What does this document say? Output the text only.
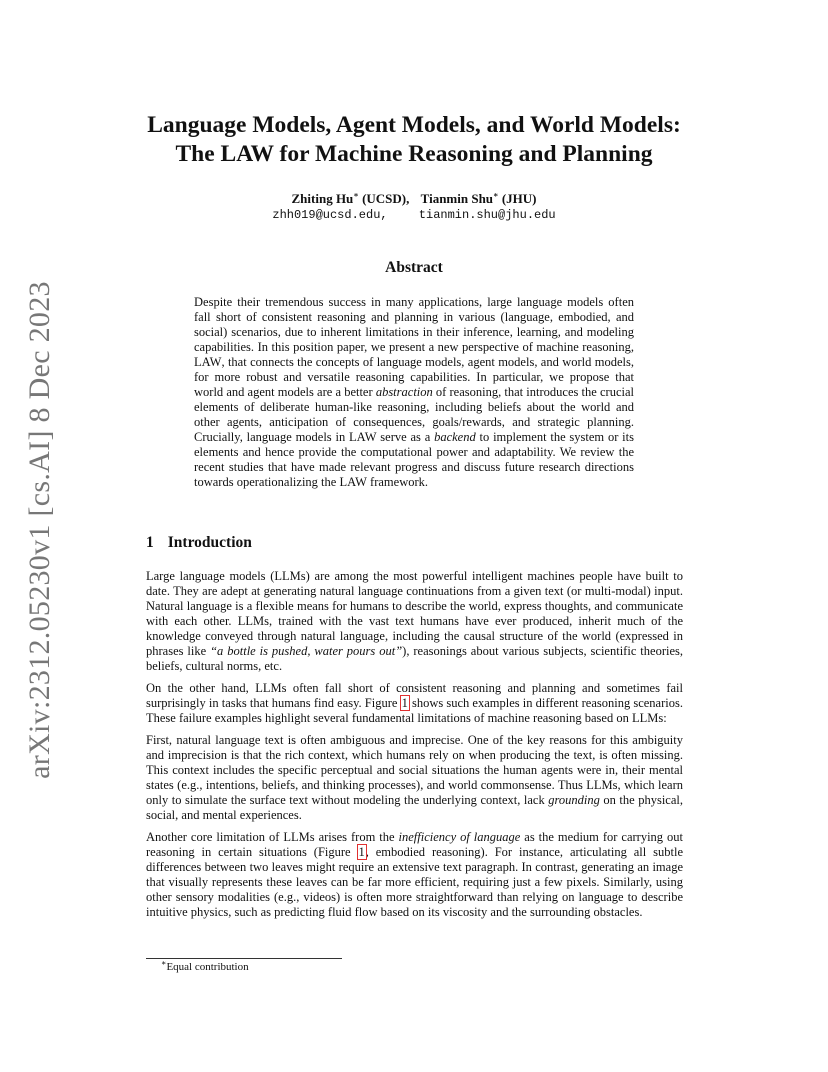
arXiv:2312.05230v1 [cs.AI] 8 Dec 2023
Language Models, Agent Models, and World Models:
The LAW for Machine Reasoning and Planning
Zhiting Hu∗ (UCSD), Tianmin Shu∗ (JHU)
zhh019@ucsd.edu,	tianmin.shu@jhu.edu
Abstract
Despite their tremendous success in many applications, large language models often fall short of consistent reasoning and planning in various (language, embodied, and social) scenarios, due to inherent limitations in their inference, learning, and modeling capabilities. In this position paper, we present a new perspective of machine reasoning, LAW, that connects the concepts of language models, agent models, and world models, for more robust and versatile reasoning capabilities. In particular, we propose that world and agent models are a better abstraction of reasoning, that introduces the crucial elements of deliberate human-like reasoning, including beliefs about the world and other agents, anticipation of consequences, goals/rewards, and strategic planning. Crucially, language models in LAW serve as a backend to implement the system or its elements and hence provide the computational power and adaptability. We review the recent studies that have made relevant progress and discuss future research directions towards operationalizing the LAW framework.
1 Introduction

Large language models (LLMs) are among the most powerful intelligent machines people have built to date. They are adept at generating natural language continuations from a given text (or multi-modal) input. Natural language is a flexible means for humans to describe the world, express thoughts, and communicate with each other. LLMs, trained with the vast text humans have ever produced, inherit much of the knowledge conveyed through natural language, including the causal structure of the world (expressed in phrases like “a bottle is pushed, water pours out”), reasonings about various subjects, scientific theories, beliefs, cultural norms, etc.

On the other hand, LLMs often fall short of consistent reasoning and planning and sometimes fail surprisingly in tasks that humans find easy. Figure 1 shows such examples in different reasoning scenarios. These failure examples highlight several fundamental limitations of machine reasoning based on LLMs:

First, natural language text is often ambiguous and imprecise. One of the key reasons for this ambiguity and imprecision is that the rich context, which humans rely on when producing the text, is often missing. This context includes the specific perceptual and social situations the human agents were in, their mental states (e.g., intentions, beliefs, and thinking processes), and world commonsense. Thus LLMs, which learn only to simulate the surface text without modeling the underlying context, lack grounding on the physical, social, and mental experiences.

Another core limitation of LLMs arises from the inefficiency of language as the medium for carrying out reasoning in certain situations (Figure 1, embodied reasoning). For instance, articulating all subtle differences between two leaves might require an extensive text paragraph. In contrast, generating an image that visually represents these leaves can be far more efficient, requiring just a few pixels. Similarly, using other sensory modalities (e.g., videos) is often more straightforward than relying on language to describe intuitive physics, such as predicting fluid flow based on its viscosity and the surrounding obstacles.

∗Equal contribution
